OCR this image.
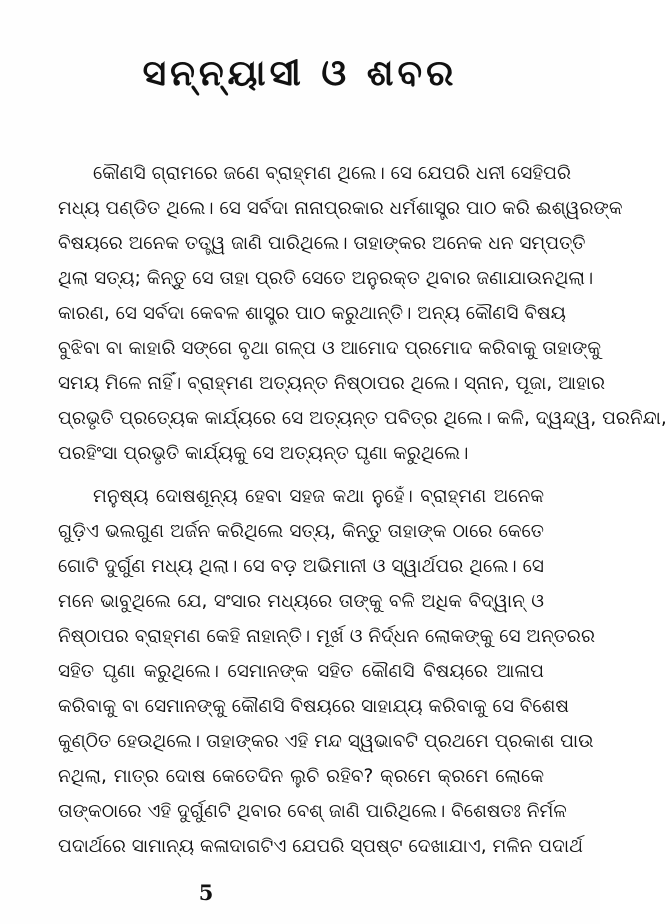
ସନ୍ନ୍ୟାସୀ ଓ ଶବର
କୌଣସି ଗ୍ରାମରେ ଜଣେ ବ୍ରାହ୍ମଣ ଥିଲେ। ସେ ଯେପରି ଧନୀ ସେହିପରି
ମଧ୍ୟ ପଣ୍ଡିତ ଥିଲେ। ସେ ସର୍ବଦା ନାନାପ୍ରକାର ଧର୍ମଶାସ୍ତ୍ର ପାଠ କରି ଈଶ୍ୱରଙ୍କ
ବିଷୟରେ ଅନେକ ତତ୍ତ୍ୱ ଜାଣି ପାରିଥିଲେ। ତାହାଙ୍କର ଅନେକ ଧନ ସମ୍ପତ୍ତି
ଥିଲା ସତ୍ୟ; କିନ୍ତୁ ସେ ତାହା ପ୍ରତି ସେତେ ଅନୁରକ୍ତ ଥିବାର ଜଣାଯାଉନଥିଲା।
କାରଣ, ସେ ସର୍ବଦା କେବଳ ଶାସ୍ତ୍ର ପାଠ କରୁଥାନ୍ତି। ଅନ୍ୟ କୌଣସି ବିଷୟ
ବୁଝିବା ବା କାହାରି ସଙ୍ଗେ ବୃଥା ଗଳ୍ପ ଓ ଆମୋଦ ପ୍ରମୋଦ କରିବାକୁ ତାହାଙ୍କୁ
ସମୟ ମିଳେ ନାହିଁ। ବ୍ରାହ୍ମଣ ଅତ୍ୟନ୍ତ ନିଷ୍ଠାପର ଥିଲେ। ସ୍ନାନ, ପୂଜା, ଆହାର
ପ୍ରଭୃତି ପ୍ରତ୍ୟେକ କାର୍ଯ୍ୟରେ ସେ ଅତ୍ୟନ୍ତ ପବିତ୍ର ଥିଲେ। କଳି, ଦ୍ୱନ୍ଦ୍ୱ, ପରନିନ୍ଦା,
ପରହିଂସା ପ୍ରଭୃତି କାର୍ଯ୍ୟକୁ ସେ ଅତ୍ୟନ୍ତ ଘୃଣା କରୁଥିଲେ।
ମନୁଷ୍ୟ ଦୋଷଶୂନ୍ୟ ହେବା ସହଜ କଥା ନୁହେଁ। ବ୍ରାହ୍ମଣ ଅନେକ
ଗୁଡ଼ିଏ ଭଲଗୁଣ ଅର୍ଜନ କରିଥିଲେ ସତ୍ୟ, କିନ୍ତୁ ତାହାଙ୍କ ଠାରେ କେତେ
ଗୋଟି ଦୁର୍ଗୁଣ ମଧ୍ୟ ଥିଲା। ସେ ବଡ଼ ଅଭିମାନୀ ଓ ସ୍ୱାର୍ଥପର ଥିଲେ। ସେ
ମନେ ଭାବୁଥିଲେ ଯେ, ସଂସାର ମଧ୍ୟରେ ତାଙ୍କୁ ବଳି ଅଧିକ ବିଦ୍ୱାନ୍ ଓ
ନିଷ୍ଠାପର ବ୍ରାହ୍ମଣ କେହି ନାହାନ୍ତି। ମୂର୍ଖ ଓ ନିର୍ଦ୍ଧନ ଲୋକଙ୍କୁ ସେ ଅନ୍ତରର
ସହିତ ଘୃଣା କରୁଥିଲେ। ସେମାନଙ୍କ ସହିତ କୌଣସି ବିଷୟରେ ଆଳାପ
କରିବାକୁ ବା ସେମାନଙ୍କୁ କୌଣସି ବିଷୟରେ ସାହାଯ୍ୟ କରିବାକୁ ସେ ବିଶେଷ
କୁଣ୍ଠିତ ହେଉଥିଲେ। ତାହାଙ୍କର ଏହି ମନ୍ଦ ସ୍ୱଭାବଟି ପ୍ରଥମେ ପ୍ରକାଶ ପାଉ
ନଥିଲା, ମାତ୍ର ଦୋଷ କେତେଦିନ ଲୁଚି ରହିବ? କ୍ରମେ କ୍ରମେ ଲୋକେ
ତାଙ୍କଠାରେ ଏହି ଦୁର୍ଗୁଣଟି ଥିବାର ବେଶ୍ ଜାଣି ପାରିଥିଲେ। ବିଶେଷତଃ ନିର୍ମଳ
ପଦାର୍ଥରେ ସାମାନ୍ୟ କଳାଦାଗଟିଏ ଯେପରି ସ୍ପଷ୍ଟ ଦେଖାଯାଏ, ମଳିନ ପଦାର୍ଥ
5
